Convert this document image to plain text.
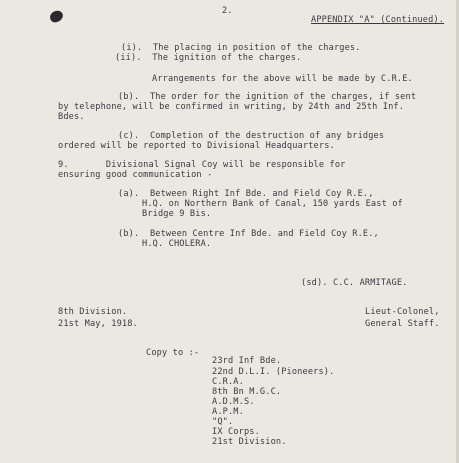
2.
APPENDIX "A" (Continued).
(i).  The placing in position of the charges.
(ii).  The ignition of the charges.
Arrangements for the above will be made by C.R.E.
(b).  The order for the ignition of the charges, if sent
by telephone, will be confirmed in writing, by 24th and 25th Inf.
Bdes.
(c).  Completion of the destruction of any bridges
ordered will be reported to Divisional Headquarters.
9.       Divisional Signal Coy will be responsible for
ensuring good communication -
(a).  Between Right Inf Bde. and Field Coy R.E.,
H.Q. on Northern Bank of Canal, 150 yards East of
Bridge 9 Bis.
(b).  Between Centre Inf Bde. and Field Coy R.E.,
H.Q. CHOLERA.
(sd). C.C. ARMITAGE.
8th Division.
21st May, 1918.
Lieut-Colonel,
General Staff.
Copy to :-
23rd Inf Bde.
22nd D.L.I. (Pioneers).
C.R.A.
8th Bn M.G.C.
A.D.M.S.
A.P.M.
"Q".
IX Corps.
21st Division.
